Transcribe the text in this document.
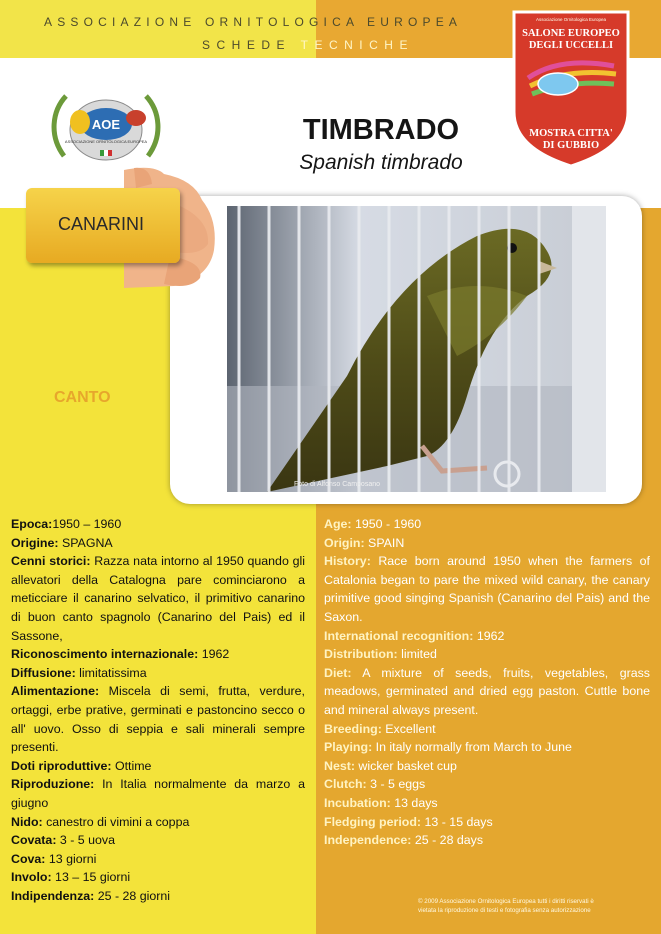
ASSOCIAZIONE ORNITOLOGICA EUROPEA
SCHEDE TECNICHE
AOE
ASSOCIAZIONE ORNITOLOGICA EUROPEA	TIMBRADO
Spanish timbrado
Associazione Ornitologica Europea
SALONE EUROPEO
DEGLI UCCELLI
MOSTRA CITTA'
DI GUBBIO
Foto di Alfonso Camposano
CANARINI
CANTO
Epoca:1950 – 1960
Origine: SPAGNA
Cenni storici: Razza nata intorno al 1950 quando gli allevatori della Catalogna pare cominciarono a meticciare il canarino selvatico, il primitivo canarino di buon canto spagnolo (Canarino del Pais) ed il Sassone,
Riconoscimento internazionale: 1962
Diffusione: limitatissima
Alimentazione: Miscela di semi, frutta, verdure, ortaggi, erbe prative, germinati e pastoncino secco o all' uovo. Osso di seppia e sali minerali sempre presenti.
Doti riproduttive: Ottime
Riproduzione: In Italia normalmente da marzo a giugno
Nido: canestro di vimini a coppa
Covata: 3 - 5 uova
Cova: 13 giorni
Involo: 13 – 15 giorni
Indipendenza: 25 - 28 giorni
Age: 1950 - 1960
Origin: SPAIN
History: Race born around 1950 when the farmers of Catalonia began to pare the mixed wild canary, the canary primitive good singing Spanish (Canarino del Pais) and the Saxon.
International recognition: 1962
Distribution: limited
Diet: A mixture of seeds, fruits, vegetables, grass meadows, germinated and dried egg paston. Cuttle bone and mineral always present.
Breeding: Excellent
Playing: In italy normally from March to June
Nest: wicker basket cup
Clutch: 3 - 5 eggs
Incubation: 13 days
Fledging period: 13 - 15 days
Independence: 25 - 28 days
© 2009 Associazione Ornitologica Europea tutti i diritti riservati è
vietata la riproduzione di testi e fotografia senza autorizzazione
